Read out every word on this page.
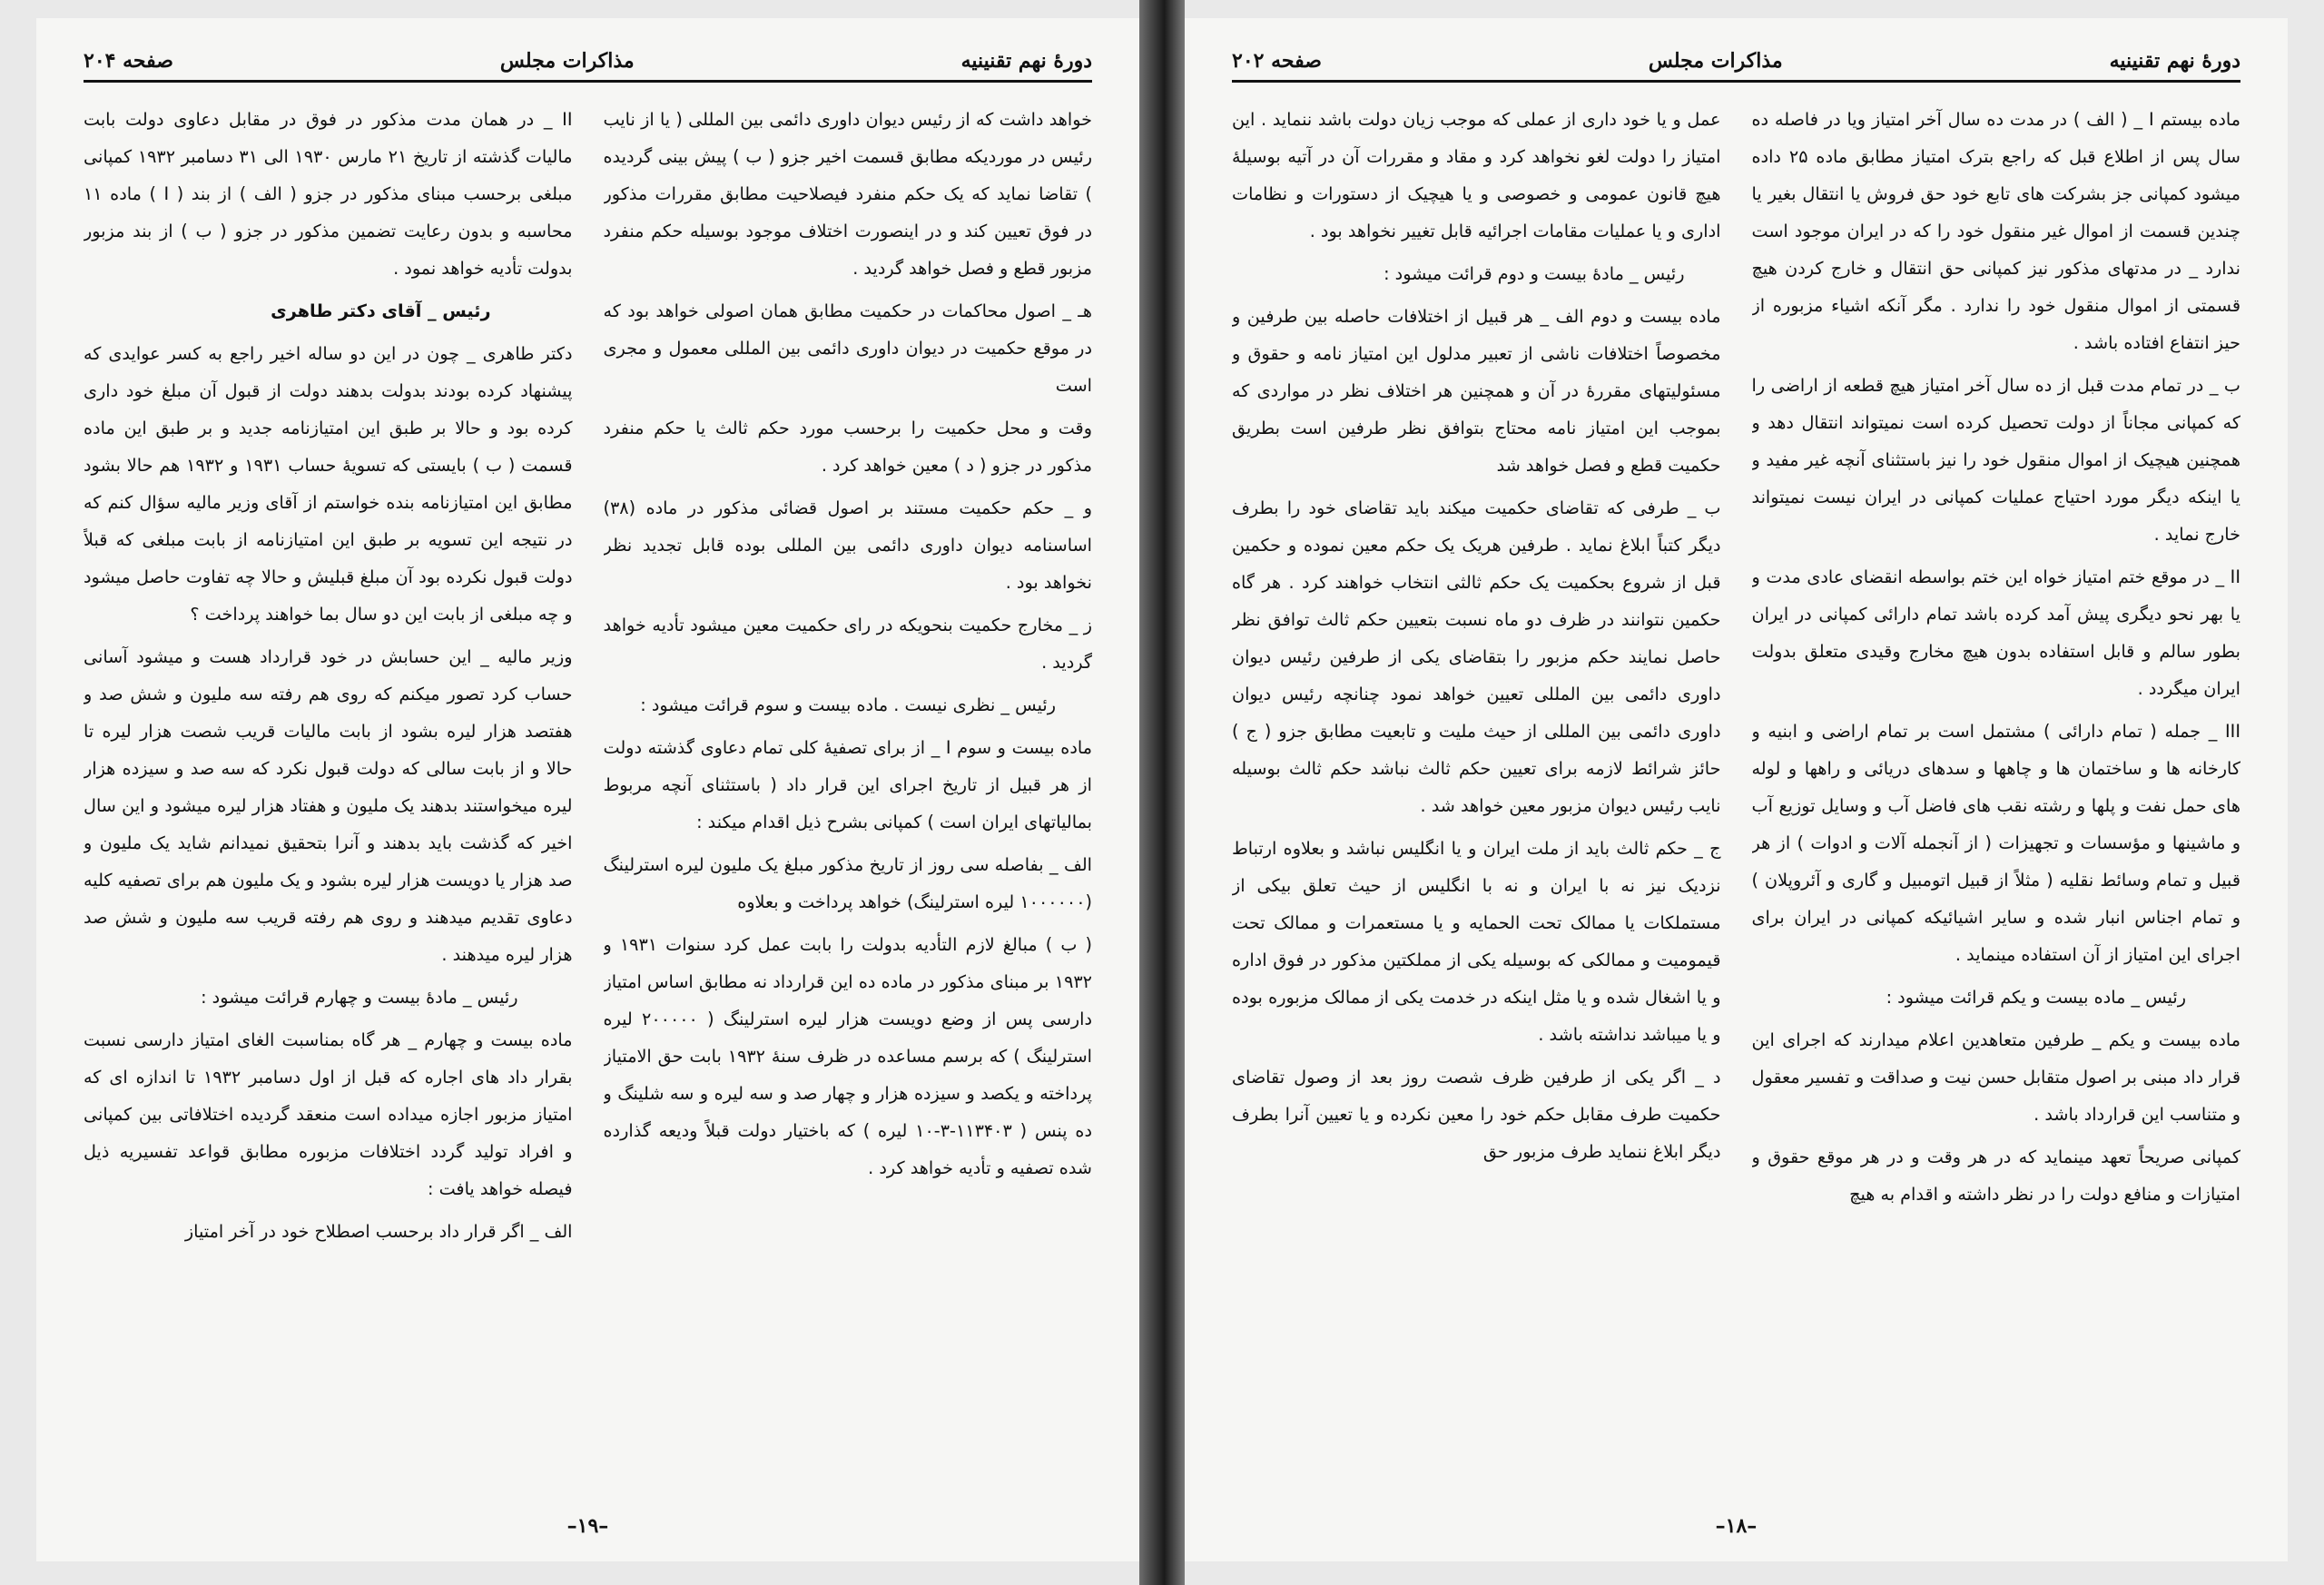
صفحه ۲۰۴	مذاکرات مجلس	دورهٔ نهم تقنینیه

II _ در همان مدت مذکور در فوق در مقابل دعاوی دولت بابت مالیات گذشته از تاریخ ۲۱ مارس ۱۹۳۰ الی ۳۱ دسامبر ۱۹۳۲ کمپانی مبلغی برحسب مبنای مذکور در جزو ( الف ) از بند ( I ) ماده ۱۱ محاسبه و بدون رعایت تضمین مذکور در جزو ( ب ) از بند مزبور بدولت تأدیه خواهد نمود .

رئیس _ آقای دکتر طاهری

دکتر طاهری _ چون در این دو ساله اخیر راجع به کسر عوایدی که پیشنهاد کرده بودند بدولت بدهند دولت از قبول آن مبلغ خود داری کرده بود و حالا بر طبق این امتیازنامه جدید و بر طبق این ماده قسمت ( ب ) بایستی که تسویهٔ حساب ۱۹۳۱ و ۱۹۳۲ هم حالا بشود مطابق این امتیازنامه بنده خواستم از آقای وزیر مالیه سؤال کنم که در نتیجه این تسویه بر طبق این امتیازنامه از بابت مبلغی که قبلاً دولت قبول نکرده بود آن مبلغ قبلیش و حالا چه تفاوت حاصل میشود و چه مبلغی از بابت این دو سال بما خواهند پرداخت ؟

وزیر مالیه _ این حسابش در خود قرارداد هست و میشود آسانی حساب کرد تصور میکنم که روی هم رفته سه ملیون و شش صد و هفتصد هزار لیره بشود از بابت مالیات قریب شصت هزار لیره تا حالا و از بابت سالی که دولت قبول نکرد که سه صد و سیزده هزار لیره میخواستند بدهند یک ملیون و هفتاد هزار لیره میشود و این سال اخیر که گذشت باید بدهند و آنرا بتحقیق نمیدانم شاید یک ملیون و صد هزار یا دویست هزار لیره بشود و یک ملیون هم برای تصفیه کلیه دعاوی تقدیم میدهند و روی هم رفته قریب سه ملیون و شش صد هزار لیره میدهند .

رئیس _ مادهٔ بیست و چهارم قرائت میشود :

ماده بیست و چهارم _ هر گاه بمناسبت الغای امتیاز دارسی نسبت بقرار داد های اجاره که قبل از اول دسامبر ۱۹۳۲ تا اندازه ای که امتیاز مزبور اجازه میداده است منعقد گردیده اختلافاتی بین کمپانی و افراد تولید گردد اختلافات مزبوره مطابق قواعد تفسیریه ذیل فیصله خواهد یافت :

الف _ اگر قرار داد برحسب اصطلاح خود در آخر امتیاز

خواهد داشت که از رئیس دیوان داوری دائمی بین المللی ( یا از نایب رئیس در موردیکه مطابق قسمت اخیر جزو ( ب ) پیش بینی گردیده ) تقاضا نماید که یک حکم منفرد فیصلاحیت مطابق مقررات مذکور در فوق تعیین کند و در اینصورت اختلاف موجود بوسیله حکم منفرد مزبور قطع و فصل خواهد گردید .

هـ _ اصول محاکمات در حکمیت مطابق همان اصولی خواهد بود که در موقع حکمیت در دیوان داوری دائمی بین المللی معمول و مجری است

وقت و محل حکمیت را برحسب مورد حکم ثالث یا حکم منفرد مذکور در جزو ( د ) معین خواهد کرد .

و _ حکم حکمیت مستند بر اصول قضائی مذکور در ماده (۳۸) اساسنامه دیوان داوری دائمی بین المللی بوده قابل تجدید نظر نخواهد بود .

ز _ مخارج حکمیت بنحویکه در رای حکمیت معین میشود تأدیه خواهد گردید .

رئیس _ نظری نیست . ماده بیست و سوم قرائت میشود :

ماده بیست و سوم I _ از برای تصفیهٔ کلی تمام دعاوی گذشته دولت از هر قبیل از تاریخ اجرای این قرار داد ( باستثنای آنچه مربوط بمالیاتهای ایران است ) کمپانی بشرح ذیل اقدام میکند :

الف _ بفاصله سی روز از تاریخ مذکور مبلغ یک ملیون لیره استرلینگ (۱۰۰۰۰۰۰ لیره استرلینگ) خواهد پرداخت و بعلاوه

( ب ) مبالغ لازم التأدیه بدولت را بابت عمل کرد سنوات ۱۹۳۱ و ۱۹۳۲ بر مبنای مذکور در ماده ده این قرارداد نه مطابق اساس امتیاز دارسی پس از وضع دویست هزار لیره استرلینگ ( ۲۰۰۰۰۰ لیره استرلینگ ) که برسم مساعده در ظرف سنهٔ ۱۹۳۲ بابت حق الامتیاز پرداخته و یکصد و سیزده هزار و چهار صد و سه لیره و سه شلینگ و ده پنس ( ۱۱۳۴۰۳-۳-۱۰ لیره ) که باختیار دولت قبلاً ودیعه گذارده شده تصفیه و تأدیه خواهد کرد .

–۱۹–
صفحه ۲۰۲	مذاکرات مجلس	دورهٔ نهم تقنینیه

عمل و یا خود داری از عملی که موجب زیان دولت باشد ننماید . این امتیاز را دولت لغو نخواهد کرد و مقاد و مقررات آن در آتیه بوسیلهٔ هیچ قانون عمومی و خصوصی و یا هیچیک از دستورات و نظامات اداری و یا عملیات مقامات اجرائیه قابل تغییر نخواهد بود .

رئیس _ مادهٔ بیست و دوم قرائت میشود :

ماده بیست و دوم الف _ هر قبیل از اختلافات حاصله بین طرفین و مخصوصاً اختلافات ناشی از تعبیر مدلول این امتیاز نامه و حقوق و مسئولیتهای مقررهٔ در آن و همچنین هر اختلاف نظر در مواردی که بموجب این امتیاز نامه محتاج بتوافق نظر طرفین است بطریق حکمیت قطع و فصل خواهد شد

ب _ طرفی که تقاضای حکمیت میکند باید تقاضای خود را بطرف دیگر کتباً ابلاغ نماید . طرفین هریک یک حکم معین نموده و حکمین قبل از شروع بحکمیت یک حکم ثالثی انتخاب خواهند کرد . هر گاه حکمین نتوانند در ظرف دو ماه نسبت بتعیین حکم ثالث توافق نظر حاصل نمایند حکم مزبور را بتقاضای یکی از طرفین رئیس دیوان داوری دائمی بین المللی تعیین خواهد نمود چنانچه رئیس دیوان داوری دائمی بین المللی از حیث ملیت و تابعیت مطابق جزو ( ج ) حائز شرائط لازمه برای تعیین حکم ثالث نباشد حکم ثالث بوسیله نایب رئیس دیوان مزبور معین خواهد شد .

ج _ حکم ثالث باید از ملت ایران و یا انگلیس نباشد و بعلاوه ارتباط نزدیک نیز نه با ایران و نه با انگلیس از حیث تعلق بیکی از مستملکات یا ممالک تحت الحمایه و یا مستعمرات و ممالک تحت قیمومیت و ممالکی که بوسیله یکی از مملکتین مذکور در فوق اداره و یا اشغال شده و یا مثل اینکه در خدمت یکی از ممالک مزبوره بوده و یا میباشد نداشته باشد .

د _ اگر یکی از طرفین ظرف شصت روز بعد از وصول تقاضای حکمیت طرف مقابل حکم خود را معین نکرده و یا تعیین آنرا بطرف دیگر ابلاغ ننماید طرف مزبور حق

ماده بیستم I _ ( الف ) در مدت ده سال آخر امتیاز ویا در فاصله ده سال پس از اطلاع قبل که راجع بترک امتیاز مطابق ماده ۲۵ داده میشود کمپانی جز بشرکت های تابع خود حق فروش یا انتقال بغیر یا چندین قسمت از اموال غیر منقول خود را که در ایران موجود است ندارد _ در مدتهای مذکور نیز کمپانی حق انتقال و خارج کردن هیچ قسمتی از اموال منقول خود را ندارد . مگر آنکه اشیاء مزبوره از حیز انتفاع افتاده باشد .

ب _ در تمام مدت قبل از ده سال آخر امتیاز هیچ قطعه از اراضی را که کمپانی مجاناً از دولت تحصیل کرده است نمیتواند انتقال دهد و همچنین هیچیک از اموال منقول خود را نیز باستثنای آنچه غیر مفید و یا اینکه دیگر مورد احتیاج عملیات کمپانی در ایران نیست نمیتواند خارج نماید .

II _ در موقع ختم امتیاز خواه این ختم بواسطه انقضای عادی مدت و یا بهر نحو دیگری پیش آمد کرده باشد تمام دارائی کمپانی در ایران بطور سالم و قابل استفاده بدون هیچ مخارج وقیدی متعلق بدولت ایران میگردد .

III _ جمله ( تمام دارائی ) مشتمل است بر تمام اراضی و ابنیه و کارخانه ها و ساختمان ها و چاهها و سدهای دریائی و راهها و لوله های حمل نفت و پلها و رشته نقب های فاضل آب و وسایل توزیع آب و ماشینها و مؤسسات و تجهیزات ( از آنجمله آلات و ادوات ) از هر قبیل و تمام وسائط نقلیه ( مثلاً از قبیل اتومبیل و گاری و آئروپلان ) و تمام اجناس انبار شده و سایر اشیائیکه کمپانی در ایران برای اجرای این امتیاز از آن استفاده مینماید .

رئیس _ ماده بیست و یکم قرائت میشود :

ماده بیست و یکم _ طرفین متعاهدین اعلام میدارند که اجرای این قرار داد مبنی بر اصول متقابل حسن نیت و صداقت و تفسیر معقول و متناسب این قرارداد باشد .

کمپانی صریحاً تعهد مینماید که در هر وقت و در هر موقع حقوق و امتیازات و منافع دولت را در نظر داشته و اقدام به هیچ

–۱۸–
